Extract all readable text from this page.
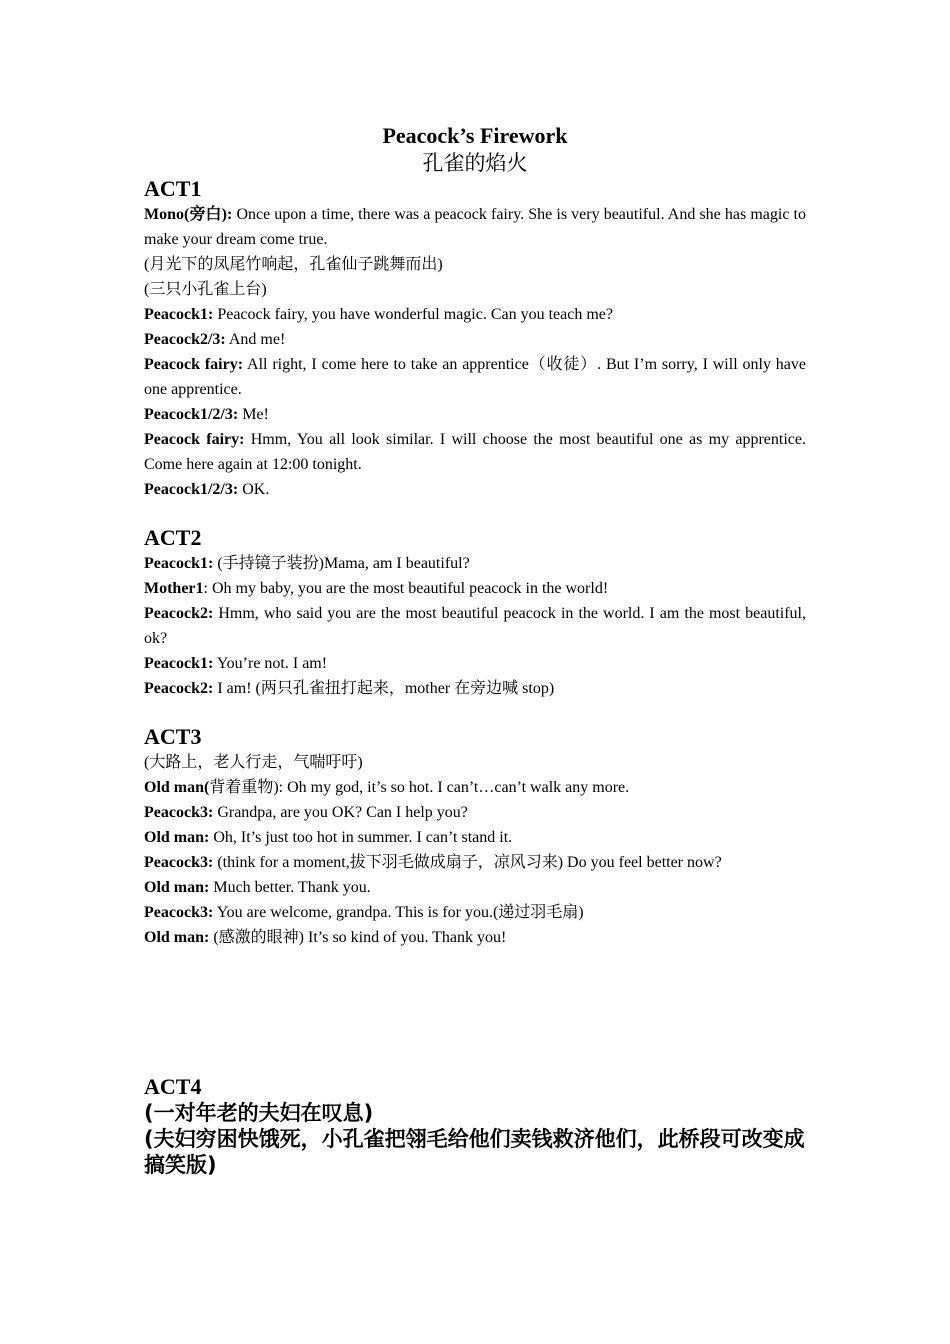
Peacock’s Firework
孔雀的焰火

ACT1

Mono(旁白): Once upon a time, there was a peacock fairy. She is very beautiful. And she has magic to make your dream come true.

(月光下的凤尾竹响起，孔雀仙子跳舞而出)

(三只小孔雀上台)

Peacock1: Peacock fairy, you have wonderful magic. Can you teach me?

Peacock2/3: And me!

Peacock fairy: All right, I come here to take an apprentice（收徒）. But I’m sorry, I will only have one apprentice.

Peacock1/2/3: Me!

Peacock fairy: Hmm, You all look similar. I will choose the most beautiful one as my apprentice. Come here again at 12:00 tonight.

Peacock1/2/3: OK.

ACT2

Peacock1: (手持镜子装扮)Mama, am I beautiful?

Mother1: Oh my baby, you are the most beautiful peacock in the world!

Peacock2: Hmm, who said you are the most beautiful peacock in the world. I am the most beautiful, ok?

Peacock1: You’re not. I am!

Peacock2: I am! (两只孔雀扭打起来，mother 在旁边喊 stop)

ACT3

(大路上，老人行走，气喘吁吁)

Old man(背着重物): Oh my god, it’s so hot. I can’t…can’t walk any more.

Peacock3: Grandpa, are you OK? Can I help you?

Old man: Oh, It’s just too hot in summer. I can’t stand it.

Peacock3: (think for a moment,拔下羽毛做成扇子，凉风习来) Do you feel better now?

Old man: Much better. Thank you.

Peacock3: You are welcome, grandpa. This is for you.(递过羽毛扇)

Old man: (感激的眼神) It’s so kind of you. Thank you!

ACT4

(一对年老的夫妇在叹息)

(夫妇穷困快饿死，小孔雀把翎毛给他们卖钱救济他们，此桥段可改变成搞笑版)
